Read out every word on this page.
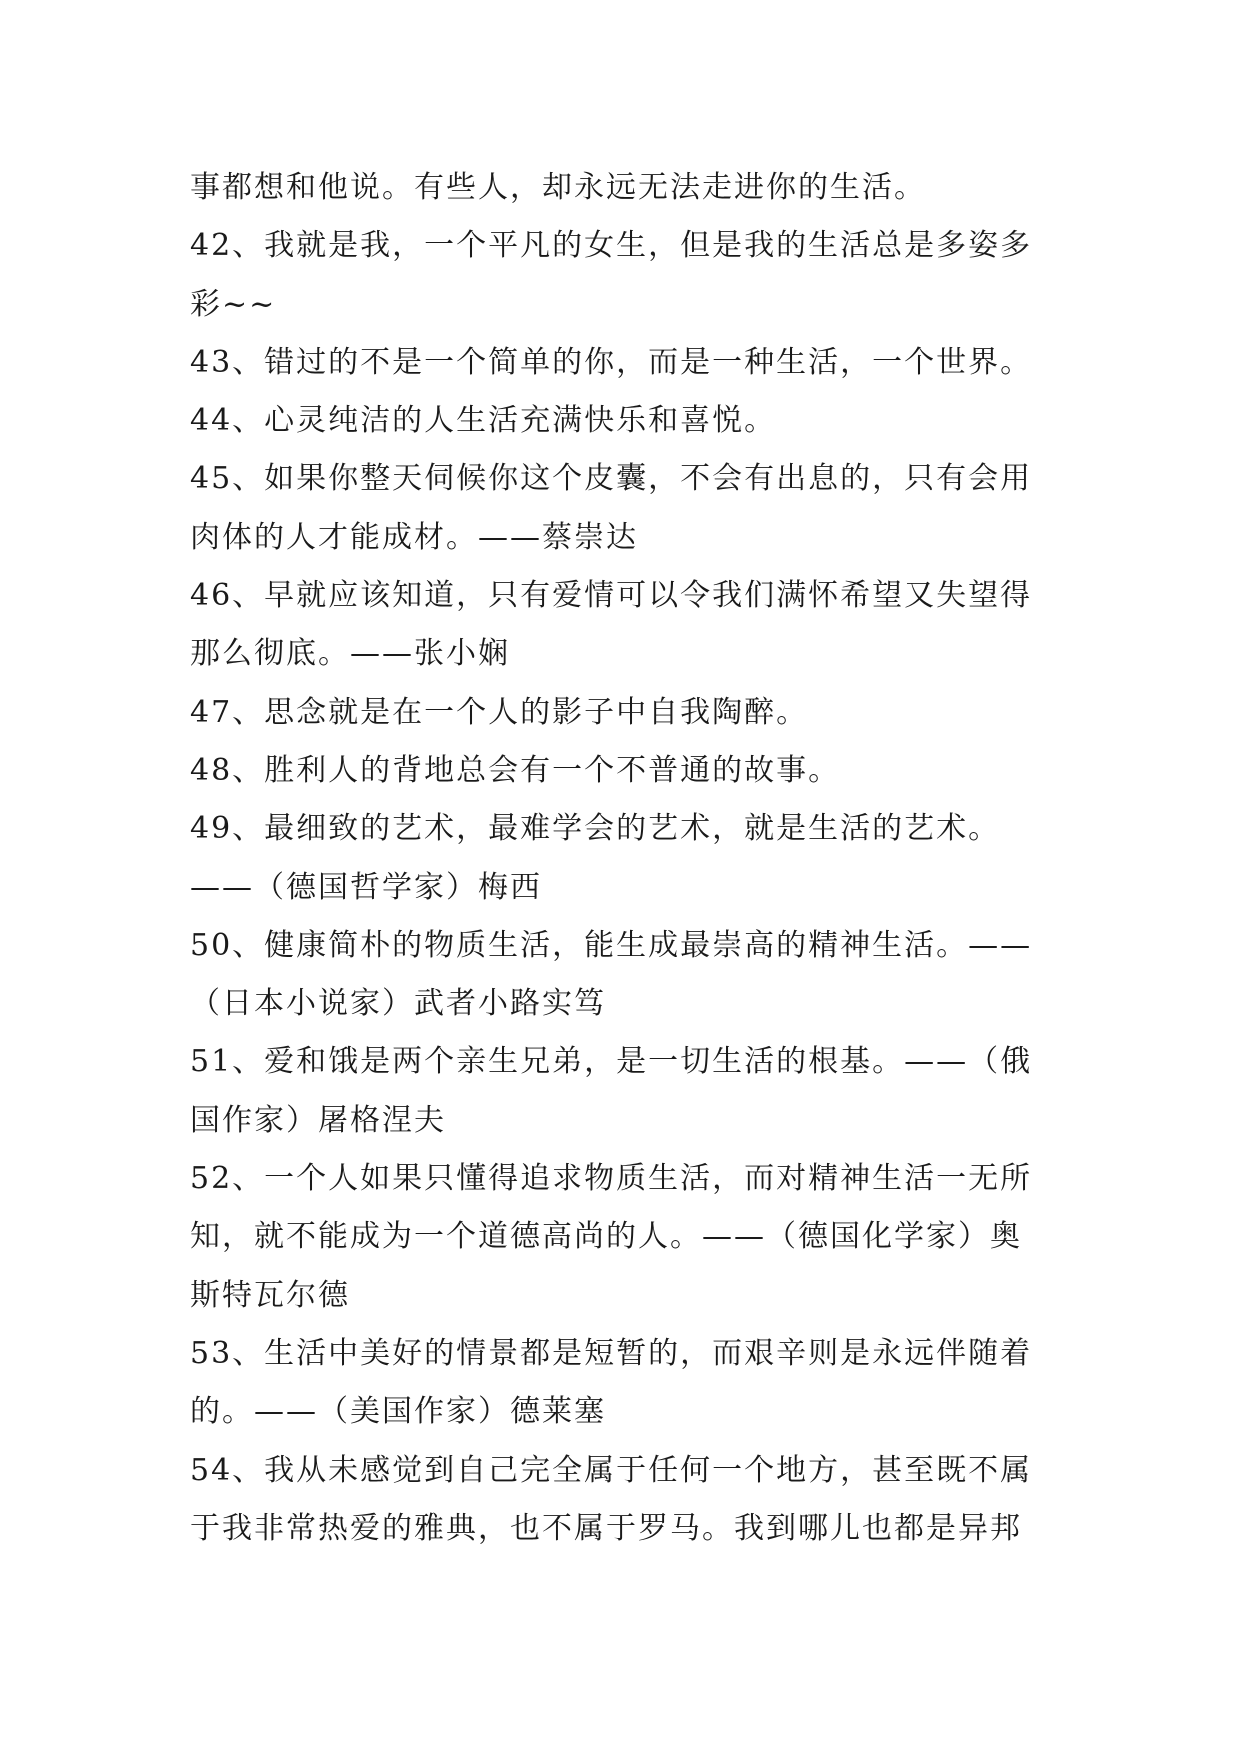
事都想和他说。有些人，却永远无法走进你的生活。
42、我就是我，一个平凡的女生，但是我的生活总是多姿多
彩~~
43、错过的不是一个简单的你，而是一种生活，一个世界。
44、心灵纯洁的人生活充满快乐和喜悦。
45、如果你整天伺候你这个皮囊，不会有出息的，只有会用
肉体的人才能成材。——蔡崇达
46、早就应该知道，只有爱情可以令我们满怀希望又失望得
那么彻底。——张小娴
47、思念就是在一个人的影子中自我陶醉。
48、胜利人的背地总会有一个不普通的故事。
49、最细致的艺术，最难学会的艺术，就是生活的艺术。
——（德国哲学家）梅西
50、健康简朴的物质生活，能生成最崇高的精神生活。——
（日本小说家）武者小路实笃
51、爱和饿是两个亲生兄弟，是一切生活的根基。——（俄
国作家）屠格涅夫
52、一个人如果只懂得追求物质生活，而对精神生活一无所
知，就不能成为一个道德高尚的人。——（德国化学家）奥
斯特瓦尔德
53、生活中美好的情景都是短暂的，而艰辛则是永远伴随着
的。——（美国作家）德莱塞
54、我从未感觉到自己完全属于任何一个地方，甚至既不属
于我非常热爱的雅典，也不属于罗马。我到哪儿也都是异邦
